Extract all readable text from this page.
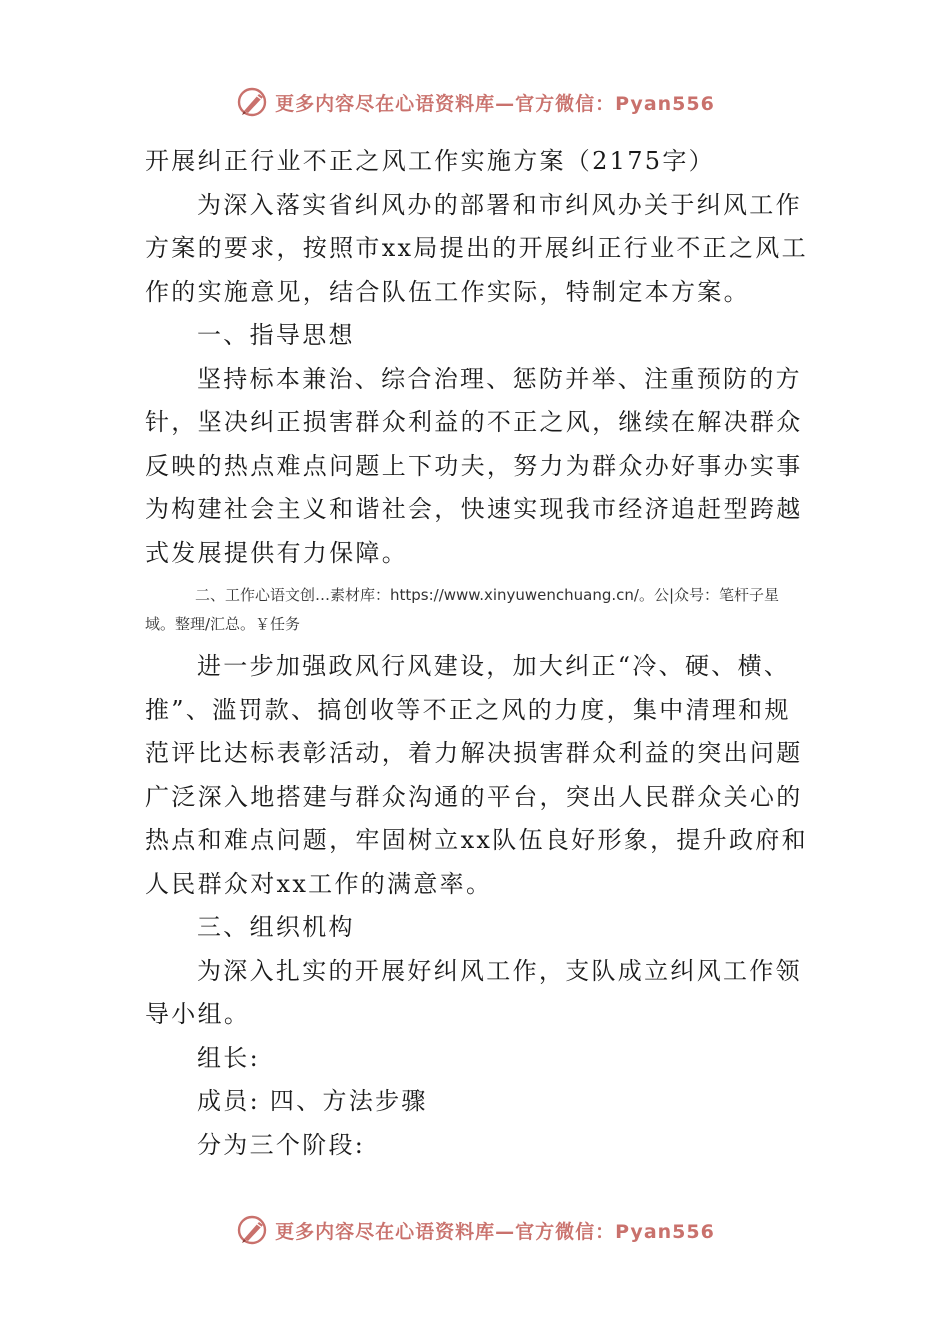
更多内容尽在心语资料库—官方微信：Pyan556
开展纠正行业不正之风工作实施方案（2175字）
为深入落实省纠风办的部署和市纠风办关于纠风工作
方案的要求，按照市xx局提出的开展纠正行业不正之风工
作的实施意见，结合队伍工作实际，特制定本方案。
一、指导思想
坚持标本兼治、综合治理、惩防并举、注重预防的方
针，坚决纠正损害群众利益的不正之风，继续在解决群众
反映的热点难点问题上下功夫，努力为群众办好事办实事
为构建社会主义和谐社会，快速实现我市经济追赶型跨越
式发展提供有力保障。
二、工作心语文创…素材库：https://www.xinyuwenchuang.cn/。公|众号：笔杆子星
域。整理/汇总。￥任务
进一步加强政风行风建设，加大纠正“冷、硬、横、
推”、滥罚款、搞创收等不正之风的力度，集中清理和规
范评比达标表彰活动，着力解决损害群众利益的突出问题
广泛深入地搭建与群众沟通的平台，突出人民群众关心的
热点和难点问题，牢固树立xx队伍良好形象，提升政府和
人民群众对xx工作的满意率。
三、组织机构
为深入扎实的开展好纠风工作，支队成立纠风工作领
导小组。
组长:
成员: 四、方法步骤
分为三个阶段:
更多内容尽在心语资料库—官方微信：Pyan556
